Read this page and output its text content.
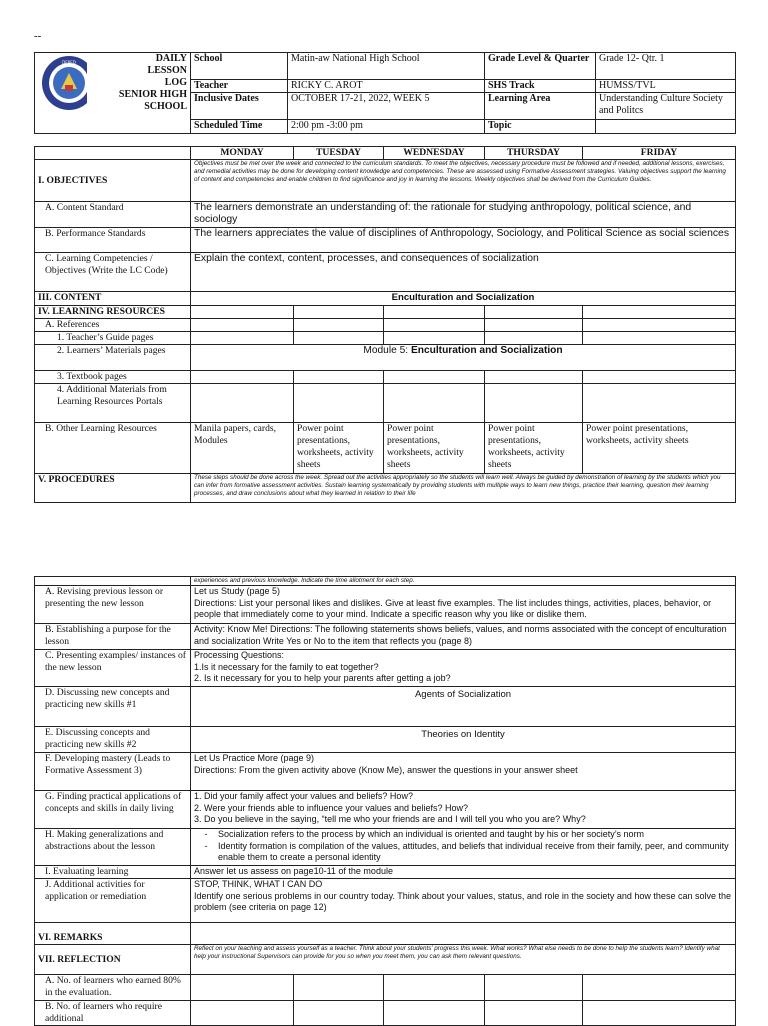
--
DEPED	DAILY
LESSON
LOG
SENIOR HIGH SCHOOL	School	Matin-aw National High School	Grade Level & Quarter	Grade 12- Qtr. 1
		Teacher	RICKY C. AROT	SHS Track	HUMSS/TVL
		Inclusive Dates	OCTOBER 17-21, 2022, WEEK 5	Learning Area	Understanding Culture Society and Politcs
		Scheduled Time	2:00 pm -3:00 pm	Topic	
	MONDAY	TUESDAY	WEDNESDAY	THURSDAY	FRIDAY
I. OBJECTIVES	Objectives must be met over the week and connected to the curriculum standards. To meet the objectives, necessary procedure must be followed and if needed, additional lessons, exercises, and remedial activities may be done for developing content knowledge and competencies. These are assessed using Formative Assessment strategies. Valuing objectives support the learning of content and competencies and enable children to find significance and joy in learning the lessons. Weekly objectives shall be derived from the Curriculum Guides.				
A. Content Standard	The learners demonstrate an understanding of: the rationale for studying anthropology, political science, and sociology				
B. Performance Standards	The learners appreciates the value of disciplines of Anthropology, Sociology, and Political Science as social sciences				
C. Learning Competencies / Objectives (Write the LC Code)	Explain the context, content, processes, and consequences of socialization				
III. CONTENT	Enculturation and Socialization				
IV. LEARNING RESOURCES					
A. References					
1. Teacher’s Guide pages					
2. Learners’ Materials pages	Module 5: Enculturation and Socialization				
3. Textbook pages					
4. Additional Materials from Learning Resources Portals					
B. Other Learning Resources	Manila papers, cards, Modules	Power point presentations, worksheets, activity sheets	Power point presentations, worksheets, activity sheets	Power point presentations, worksheets, activity sheets	Power point presentations, worksheets, activity sheets
V. PROCEDURES	These steps should be done across the week. Spread out the activities appropriately so the students will learn well. Always be guided by demonstration of learning by the students which you can infer from formative assessment activities. Sustain learning systematically by providing students with multiple ways to learn new things, practice their learning, question their learning processes, and draw conclusions about what they learned in relation to their life				
	experiences and previous knowledge. Indicate the time allotment for each step.				
A. Revising previous lesson or presenting the new lesson	Let us Study (page 5)
Directions: List your personal likes and dislikes. Give at least five examples. The list includes things, activities, places, behavior, or people that immediately come to your mind. Indicate a specific reason why you like or dislike them.				

B. Establishing a purpose for the lesson	Activity: Know Me! Directions: The following statements shows beliefs, values, and norms associated with the concept of enculturation and socialization Write Yes or No to the item that reflects you (page 8)				
C. Presenting examples/ instances of the new lesson	Processing Questions:
1.Is it necessary for the family to eat together?
2. Is it necessary for you to help your parents after getting a job?				

D. Discussing new concepts and practicing new skills #1	Agents of Socialization				
E. Discussing concepts and practicing new skills #2	Theories on Identity				
F. Developing mastery (Leads to Formative Assessment 3)	Let Us Practice More (page 9)
Directions: From the given activity above (Know Me), answer the questions in your answer sheet				

G. Finding practical applications of concepts and skills in daily living	1. Did your family affect your values and beliefs? How?
2. Were your friends able to influence your values and beliefs? How?
3. Do you believe in the saying, “tell me who your friends are and I will tell you who you are? Why?				

H. Making generalizations and abstractions about the lesson	- Socialization refers to the process by which an individual is oriented and taught by his or her society’s norm
- Identity formation is compilation of the values, attitudes, and beliefs that individual receive from their family, peer, and community enable them to create a personal identity				

I. Evaluating learning	Answer let us assess on page10-11 of the module				
J. Additional activities for application or remediation	STOP, THINK, WHAT I CAN DO
Identify one serious problems in our country today. Think about your values, status, and role in the society and how these can solve the problem (see criteria on page 12)				

VI. REMARKS					
VII. REFLECTION	Reflect on your teaching and assess yourself as a teacher. Think about your students’ progress this week. What works? What else needs to be done to help the students learn? Identify what help your instructional Supervisors can provide for you so when you meet them, you can ask them relevant questions.				
A. No. of learners who earned 80% in the evaluation.					
B. No. of learners who require additional					
